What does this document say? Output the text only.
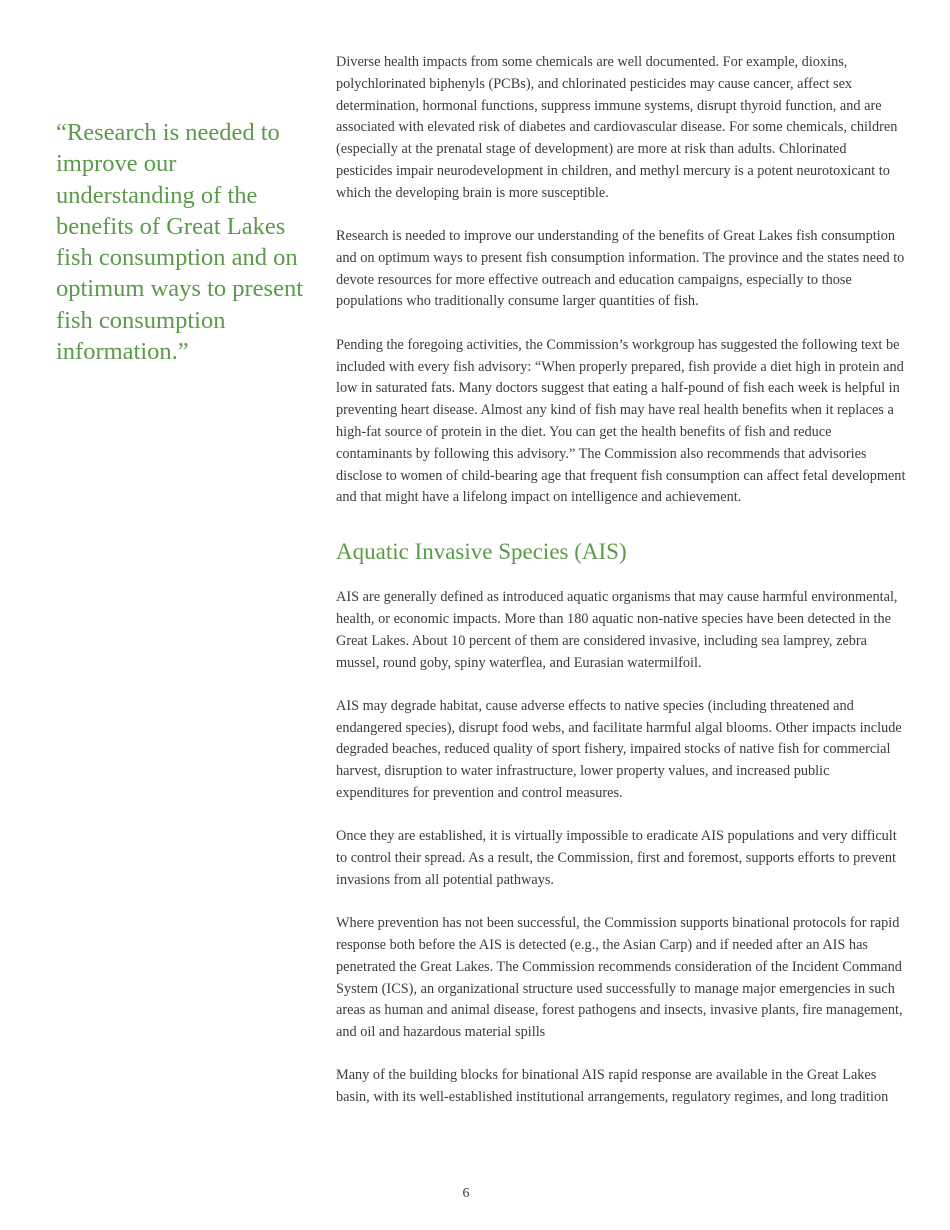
“Research is needed to improve our understanding of the benefits of Great Lakes fish consumption and on optimum ways to present fish consumption information.”

Diverse health impacts from some chemicals are well documented. For example, dioxins, polychlorinated biphenyls (PCBs), and chlorinated pesticides may cause cancer, affect sex determination, hormonal functions, suppress immune systems, disrupt thyroid function, and are associated with elevated risk of diabetes and cardiovascular disease. For some chemicals, children (especially at the prenatal stage of development) are more at risk than adults. Chlorinated pesticides impair neurodevelopment in children, and methyl mercury is a potent neurotoxicant to which the developing brain is more susceptible.

Research is needed to improve our understanding of the benefits of Great Lakes fish consumption and on optimum ways to present fish consumption information. The province and the states need to devote resources for more effective outreach and education campaigns, especially to those populations who traditionally consume larger quantities of fish.

Pending the foregoing activities, the Commission’s workgroup has suggested the following text be included with every fish advisory: “When properly prepared, fish provide a diet high in protein and low in saturated fats. Many doctors suggest that eating a half-pound of fish each week is helpful in preventing heart disease. Almost any kind of fish may have real health benefits when it replaces a high-fat source of protein in the diet. You can get the health benefits of fish and reduce contaminants by following this advisory.” The Commission also recommends that advisories disclose to women of child-bearing age that frequent fish consumption can affect fetal development and that might have a lifelong impact on intelligence and achievement.

Aquatic Invasive Species (AIS)

AIS are generally defined as introduced aquatic organisms that may cause harmful environmental, health, or economic impacts. More than 180 aquatic non-native species have been detected in the Great Lakes. About 10 percent of them are considered invasive, including sea lamprey, zebra mussel, round goby, spiny waterflea, and Eurasian watermilfoil.

AIS may degrade habitat, cause adverse effects to native species (including threatened and endangered species), disrupt food webs, and facilitate harmful algal blooms. Other impacts include degraded beaches, reduced quality of sport fishery, impaired stocks of native fish for commercial harvest, disruption to water infrastructure, lower property values, and increased public expenditures for prevention and control measures.

Once they are established, it is virtually impossible to eradicate AIS populations and very difficult to control their spread. As a result, the Commission, first and foremost, supports efforts to prevent invasions from all potential pathways.

Where prevention has not been successful, the Commission supports binational protocols for rapid response both before the AIS is detected (e.g., the Asian Carp) and if needed after an AIS has penetrated the Great Lakes. The Commission recommends consideration of the Incident Command System (ICS), an organizational structure used successfully to manage major emergencies in such areas as human and animal disease, forest pathogens and insects, invasive plants, fire management, and oil and hazardous material spills

Many of the building blocks for binational AIS rapid response are available in the Great Lakes basin, with its well-established institutional arrangements, regulatory regimes, and long tradition

6
